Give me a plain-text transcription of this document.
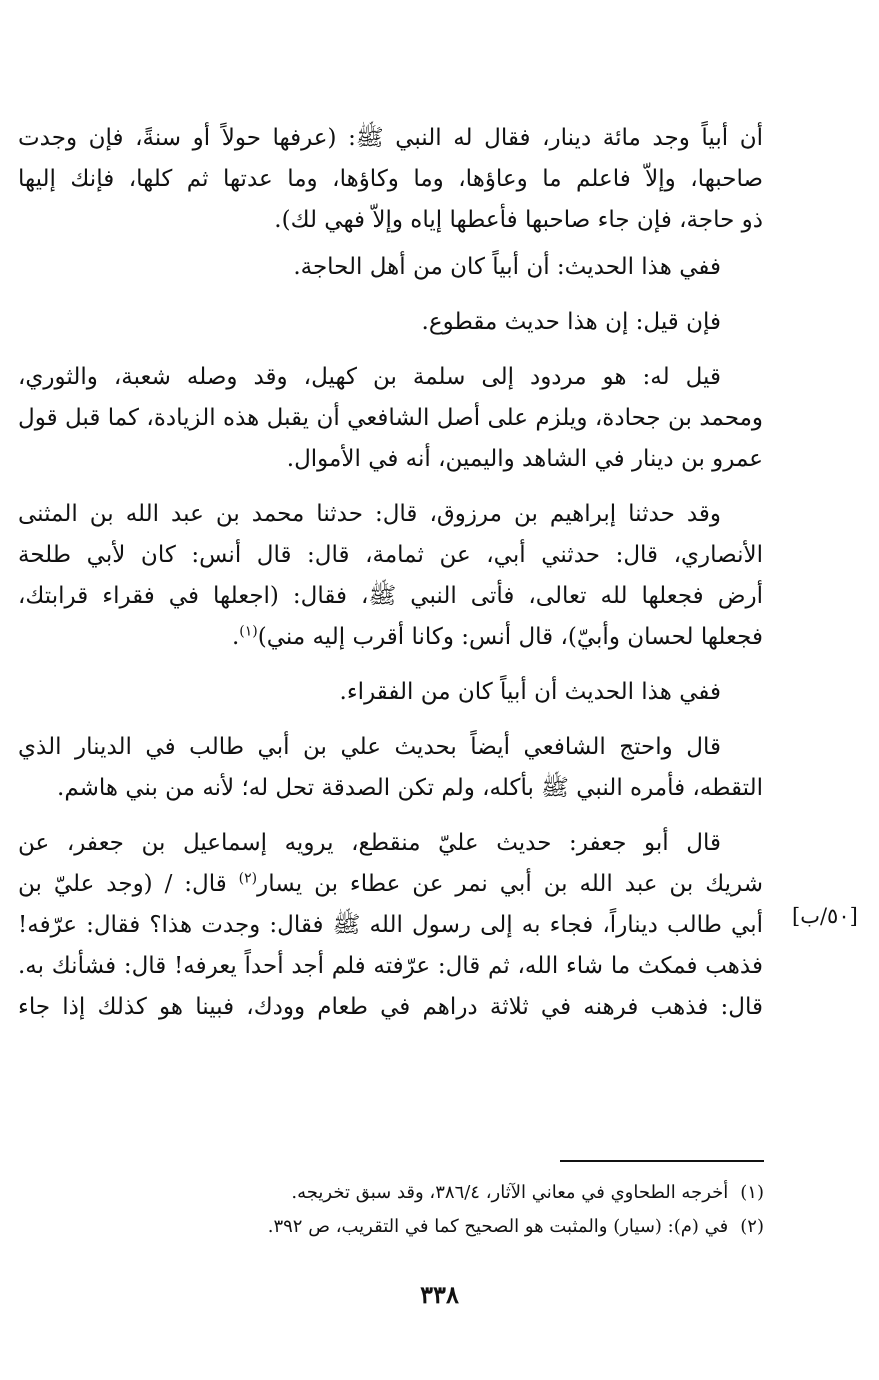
أن أبياً وجد مائة دينار، فقال له النبي ﷺ: (عرفها حولاً أو سنةً، فإن وجدت
صاحبها، وإلاّ فاعلم ما وعاؤها، وما وكاؤها، وما عدتها ثم كلها، فإنك إليها
ذو حاجة، فإن جاء صاحبها فأعطها إياه وإلاّ فهي لك).

ففي هذا الحديث: أن أبياً كان من أهل الحاجة.

فإن قيل: إن هذا حديث مقطوع.

قيل له: هو مردود إلى سلمة بن كهيل، وقد وصله شعبة، والثوري،
ومحمد بن جحادة، ويلزم على أصل الشافعي أن يقبل هذه الزيادة، كما قبل قول
عمرو بن دينار في الشاهد واليمين، أنه في الأموال.

وقد حدثنا إبراهيم بن مرزوق، قال: حدثنا محمد بن عبد الله بن المثنى
الأنصاري، قال: حدثني أبي، عن ثمامة، قال: قال أنس: كان لأبي طلحة
أرض فجعلها لله تعالى، فأتى النبي ﷺ، فقال: (اجعلها في فقراء قرابتك،
فجعلها لحسان وأبيّ)، قال أنس: وكانا أقرب إليه مني)$^{(١)}$.

ففي هذا الحديث أن أبياً كان من الفقراء.

قال واحتج الشافعي أيضاً بحديث علي بن أبي طالب في الدينار الذي
التقطه، فأمره النبي ﷺ بأكله، ولم تكن الصدقة تحل له؛ لأنه من بني هاشم.

قال أبو جعفر: حديث عليّ منقطع، يرويه إسماعيل بن جعفر، عن
شريك بن عبد الله بن أبي نمر عن عطاء بن يسار$^{(٢)}$ قال: / (وجد عليّ بن
أبي طالب ديناراً، فجاء به إلى رسول الله ﷺ فقال: وجدت هذا؟ فقال: عرّفه!
فذهب فمكث ما شاء الله، ثم قال: عرّفته فلم أجد أحداً يعرفه! قال: فشأنك به.
قال: فذهب فرهنه في ثلاثة دراهم في طعام وودك، فبينا هو كذلك إذا جاء

[٥٠/ب]
(١)أخرجه الطحاوي في معاني الآثار، ٣٨٦/٤، وقد سبق تخريجه.
(٢)في (م): (سيار) والمثبت هو الصحيح كما في التقريب، ص ٣٩٢.
٣٣٨
